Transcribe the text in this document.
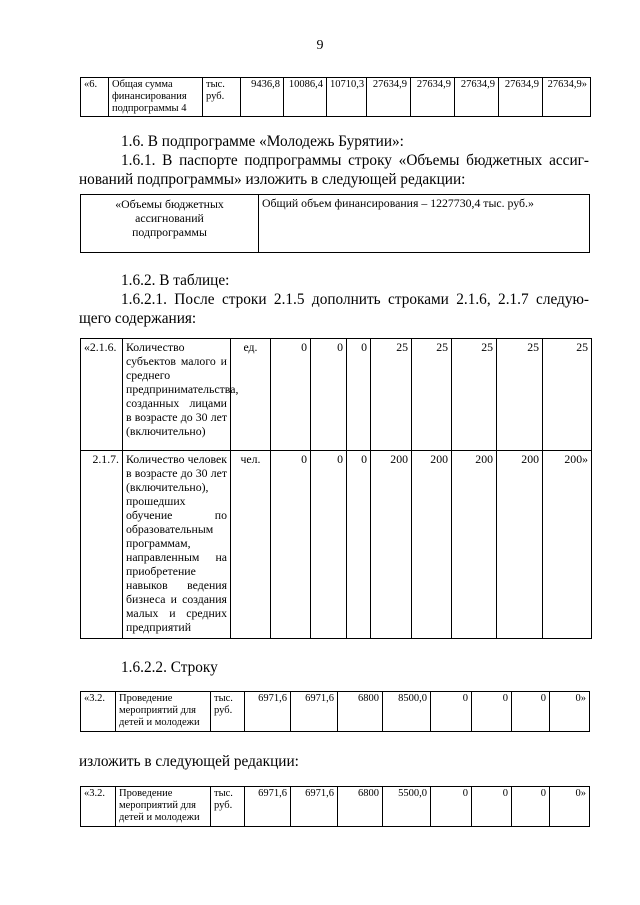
9
«6.	Общая сумма финансирования подпрограммы 4	тыс. руб.	9436,8	10086,4	10710,3	27634,9	27634,9	27634,9	27634,9	27634,9»
1.6. В подпрограмме «Молодежь Бурятии»:
1.6.1. В паспорте подпрограммы строку «Объемы бюджетных ассиг-
нований подпрограммы» изложить в следующей редакции:
«Объемы бюджетных ассигнований подпрограммы	Общий объем финансирования – 1227730,4 тыс. руб.»
1.6.2. В таблице:
1.6.2.1. После строки 2.1.5 дополнить строками 2.1.6, 2.1.7 следую-
щего содержания:
«2.1.6.	Количество субъектов малого и среднего предпринимательства, созданных лицами в возрасте до 30 лет (включительно)	ед.	0	0	0	25	25	25	25	25
2.1.7.	Количество человек в возрасте до 30 лет (включительно), прошедших обучение по образовательным программам, направленным на приобретение навыков ведения бизнеса и создания малых и средних предприятий	чел.	0	0	0	200	200	200	200	200»
1.6.2.2. Строку
«3.2.	Проведение мероприятий для детей и молодежи	тыс. руб.	6971,6	6971,6	6800	8500,0	0	0	0	0»
изложить в следующей редакции:
«3.2.	Проведение мероприятий для детей и молодежи	тыс. руб.	6971,6	6971,6	6800	5500,0	0	0	0	0»
